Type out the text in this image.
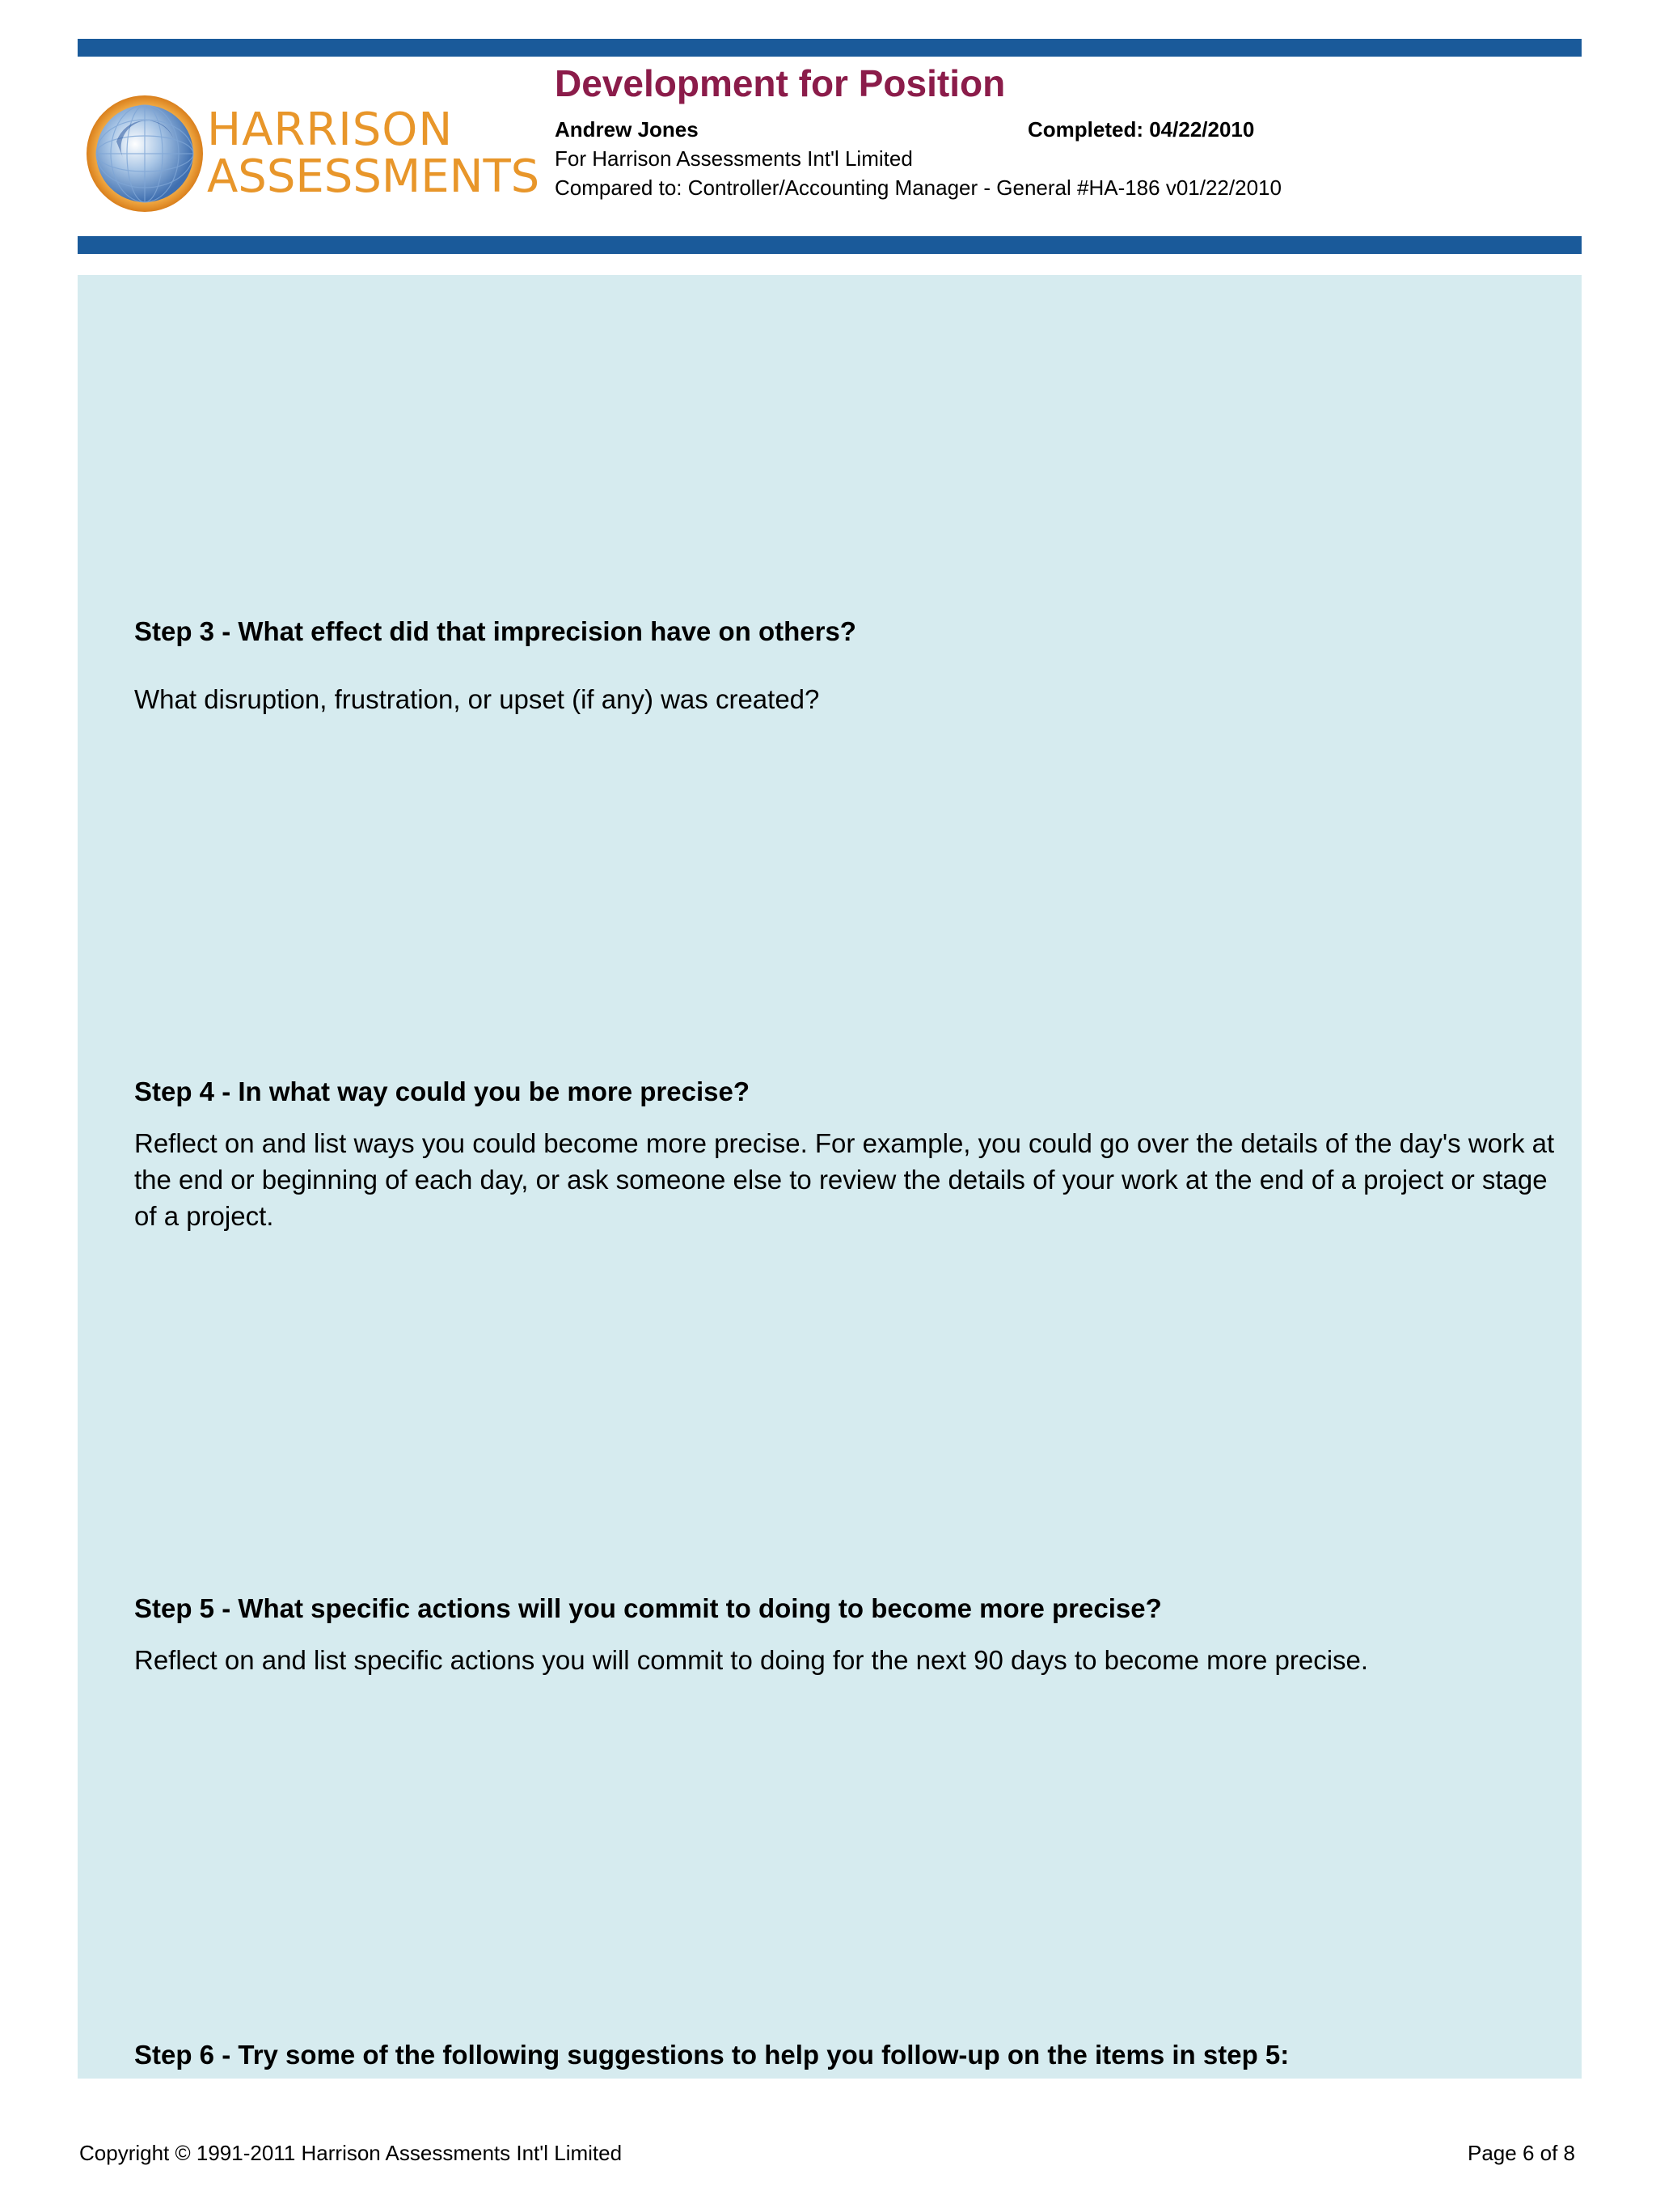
HARRISON
ASSESSMENTS
Development for Position
Andrew Jones	Completed: 04/22/2010
For Harrison Assessments Int'l Limited
Compared to: Controller/Accounting Manager - General #HA-186 v01/22/2010

Step 3 - What effect did that imprecision have on others?

What disruption, frustration, or upset (if any) was created?

Step 4 - In what way could you be more precise?

Reflect on and list ways you could become more precise. For example, you could go over the details of the day's work at the end or beginning of each day, or ask someone else to review the details of your work at the end of a project or stage of a project.

Step 5 - What specific actions will you commit to doing to become more precise?

Reflect on and list specific actions you will commit to doing for the next 90 days to become more precise.

Step 6 - Try some of the following suggestions to help you follow-up on the items in step 5:

Copyright © 1991-2011 Harrison Assessments Int'l Limited	Page 6 of 8
